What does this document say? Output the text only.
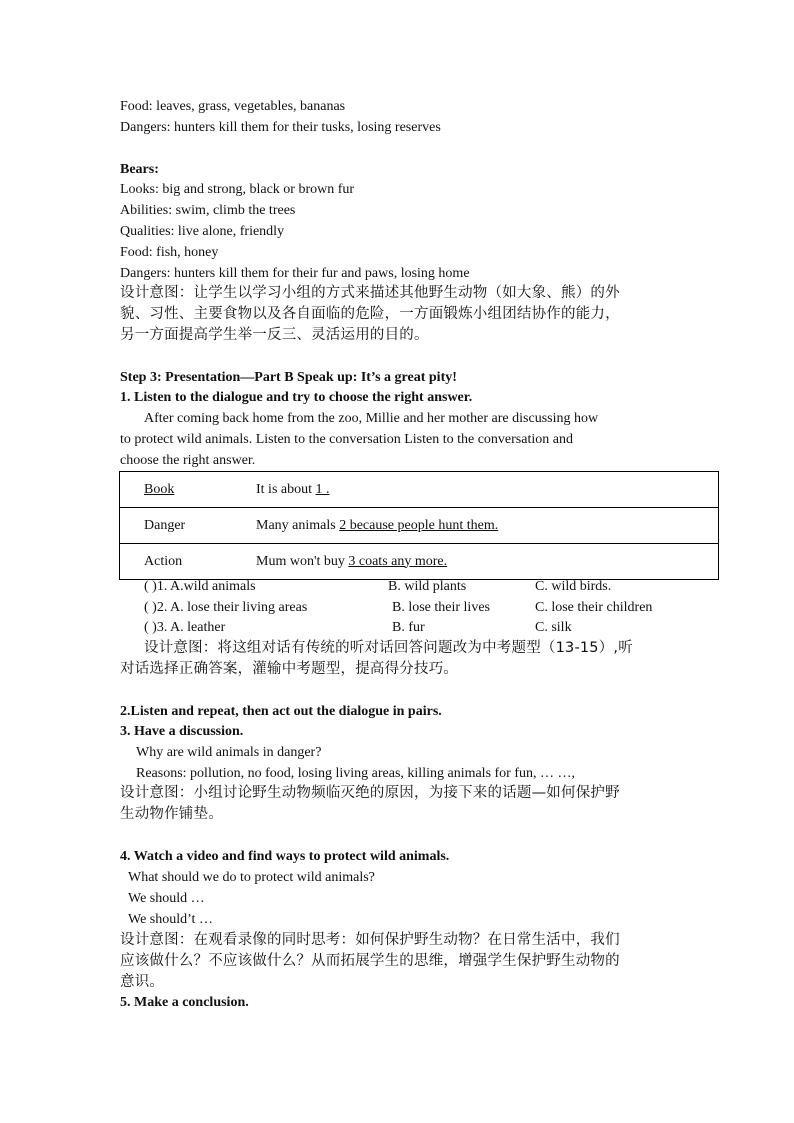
Food: leaves, grass, vegetables, bananas
Dangers: hunters kill them for their tusks, losing reserves
Bears:
Looks: big and strong, black or brown fur
Abilities: swim, climb the trees
Qualities: live alone, friendly
Food: fish, honey
Dangers: hunters kill them for their fur and paws, losing home
设计意图：让学生以学习小组的方式来描述其他野生动物（如大象、熊）的外
貌、习性、主要食物以及各自面临的危险，一方面锻炼小组团结协作的能力，
另一方面提高学生举一反三、灵活运用的目的。
Step 3: Presentation—Part B Speak up: It’s a great pity!
1. Listen to the dialogue and try to choose the right answer.
After coming back home from the zoo, Millie and her mother are discussing how
to protect wild animals. Listen to the conversation Listen to the conversation and
choose the right answer.
Book	It is about 1 .
Danger	Many animals 2 because people hunt them.
Action	Mum won't buy 3 coats any more.
( )1. A.wild animals	B. wild plants	C. wild birds.
( )2. A. lose their living areas	B. lose their lives	C. lose their children
( )3. A. leather	B. fur	C. silk
设计意图：将这组对话有传统的听对话回答问题改为中考题型（13-15）,听
对话选择正确答案，灌输中考题型，提高得分技巧。
2.Listen and repeat, then act out the dialogue in pairs.
3. Have a discussion.
Why are wild animals in danger?
Reasons: pollution, no food, losing living areas, killing animals for fun, … …,
设计意图：小组讨论野生动物频临灭绝的原因，为接下来的话题—如何保护野
生动物作铺垫。
4. Watch a video and find ways to protect wild animals.
What should we do to protect wild animals?
We should …
We should’t …
设计意图：在观看录像的同时思考：如何保护野生动物？在日常生活中，我们
应该做什么？不应该做什么？从而拓展学生的思维，增强学生保护野生动物的
意识。
5. Make a conclusion.
